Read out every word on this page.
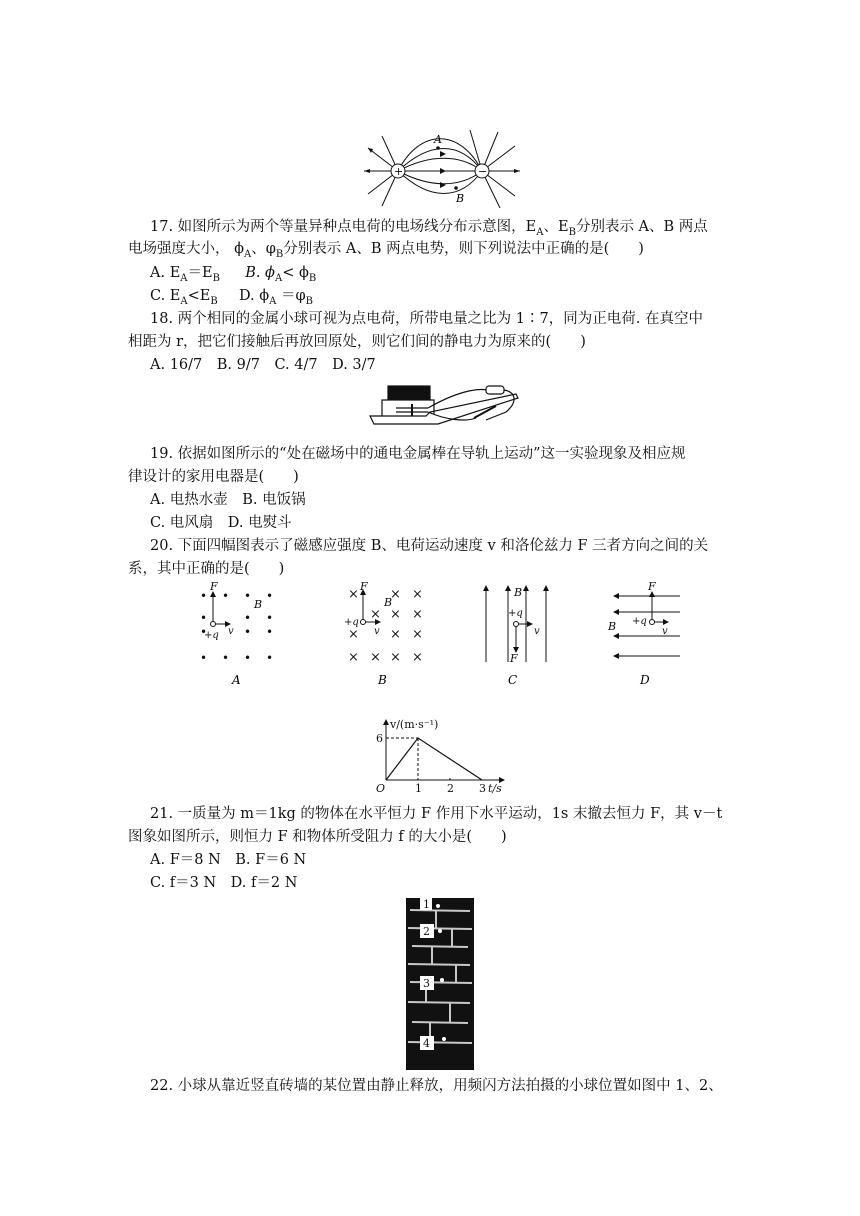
+	−
A
B
17. 如图所示为两个等量异种点电荷的电场线分布示意图，$E_A$、$E_B$分别表示 A、B 两点
电场强度大小， $\phi_A$、$\varphi_B$分别表示 A、B 两点电势，则下列说法中正确的是(　　)
A. $E_A=E_B$ B. $\phi_A< \phi_B$
C. $E_A<E_B$ D. $\phi_A =\varphi_B$
18. 两个相同的金属小球可视为点电荷，所带电量之比为 1∶7，同为正电荷. 在真空中
相距为 r，把它们接触后再放回原处，则它们间的静电力为原来的(　　)
A. 16/7　B. 9/7　C. 4/7　D. 3/7
19. 依据如图所示的“处在磁场中的通电金属棒在导轨上运动”这一实验现象及相应规
律设计的家用电器是(　　)
A. 电热水壶　B. 电饭锅
C. 电风扇　D. 电熨斗
20. 下面四幅图表示了磁感应强度 B、电荷运动速度 v 和洛伦兹力 F 三者方向之间的关
系，其中正确的是(　　)
• • • •
•	• •
•	• •
• • • •
F
B
+q v
A
× × ×
× × ×
× × ×
× × × ×
F
B
+q
v
B
B
+q
v
F
C
F
+q
v
B
D
v/(m·s⁻¹)
6
O	1 2 3 t/s
21. 一质量为 m＝1kg 的物体在水平恒力 F 作用下水平运动，1s 末撤去恒力 F，其 v－t
图象如图所示，则恒力 F 和物体所受阻力 f 的大小是(　　)
A. F＝8 N　B. F＝6 N
C. f＝3 N　D. f＝2 N
1
2
3
4
22. 小球从靠近竖直砖墙的某位置由静止释放，用频闪方法拍摄的小球位置如图中 1、2、
